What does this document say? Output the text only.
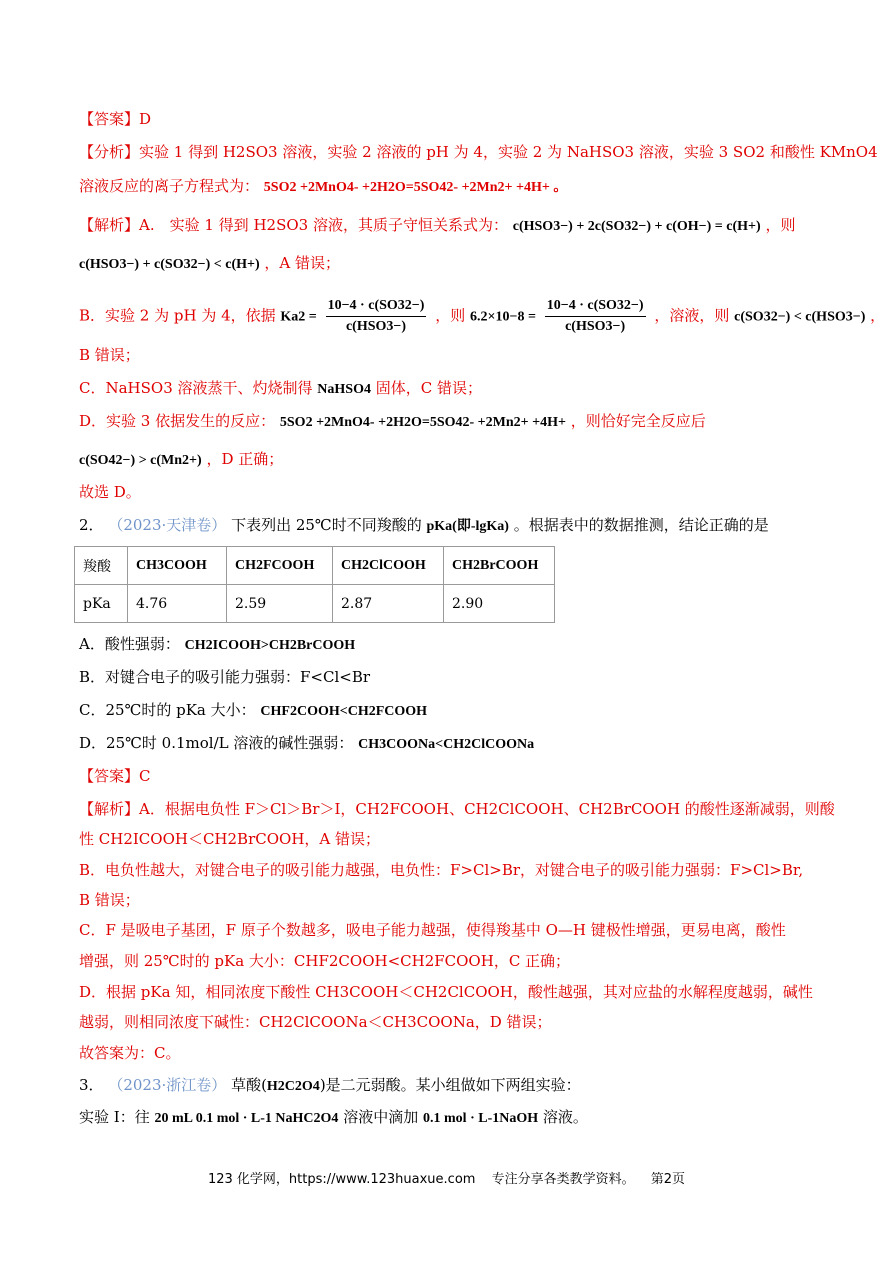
【答案】D
【分析】实验 1 得到 H2SO3 溶液，实验 2 溶液的 pH 为 4，实验 2 为 NaHSO3 溶液，实验 3 SO2 和酸性 KMnO4
溶液反应的离子方程式为： 5SO2 +2MnO4- +2H2O=5SO42- +2Mn2+ +4H+ 。
【解析】A.　实验 1 得到 H2SO3 溶液，其质子守恒关系式为： c(HSO3−) + 2c(SO32−) + c(OH−) = c(H+) ，则
c(HSO3−) + c(SO32−) < c(H+) ，A 错误；
B．实验 2 为 pH 为 4，依据 $Ka2 = \frac{10-4 \cdot c(SO32-)}{\text{c(HSO3−)}}$ ，则 $6.2\times 10-8 = \frac{10-4 \cdot c(SO32-)}{\text{c(HSO3−)}}$ ，溶液，则 c(SO32−) < c(HSO3−) ，
B 错误；
C．NaHSO3 溶液蒸干、灼烧制得 NaHSO4 固体，C 错误；
D．实验 3 依据发生的反应： 5SO2 +2MnO4- +2H2O=5SO42- +2Mn2+ +4H+ ，则恰好完全反应后
c(SO42−) > c(Mn2+) ，D 正确；
故选 D。
2． （2023·天津卷） 下表列出 25℃时不同羧酸的 pKa(即-lgKa) 。根据表中的数据推测，结论正确的是
羧酸	CH3COOH	CH2FCOOH	CH2ClCOOH	CH2BrCOOH
pKa	4.76	2.59	2.87	2.90
A．酸性强弱： CH2ICOOH>CH2BrCOOH
B．对键合电子的吸引能力强弱：F<Cl<Br
C．25℃时的 pKa 大小： CHF2COOH<CH2FCOOH
D．25℃时 0.1mol/L 溶液的碱性强弱： CH3COONa<CH2ClCOONa
【答案】C
【解析】A．根据电负性 F＞Cl＞Br＞I，CH2FCOOH、CH2ClCOOH、CH2BrCOOH 的酸性逐渐减弱，则酸
性 CH2ICOOH＜CH2BrCOOH，A 错误；
B．电负性越大，对键合电子的吸引能力越强，电负性：F>Cl>Br，对键合电子的吸引能力强弱：F>Cl>Br,
B 错误；
C．F 是吸电子基团，F 原子个数越多，吸电子能力越强，使得羧基中 O—H 键极性增强，更易电离，酸性
增强，则 25℃时的 pKa 大小：CHF2COOH<CH2FCOOH，C 正确；
D．根据 pKa 知，相同浓度下酸性 CH3COOH＜CH2ClCOOH，酸性越强，其对应盐的水解程度越弱，碱性
越弱，则相同浓度下碱性：CH2ClCOONa＜CH3COONa，D 错误；
故答案为：C。
3． （2023·浙江卷） 草酸(H2C2O4)是二元弱酸。某小组做如下两组实验：
实验 I：往 20 mL 0.1 mol · L-1 NaHC2O4 溶液中滴加 0.1 mol · L-1NaOH 溶液。
123 化学网，https://www.123huaxue.com 专注分享各类教学资料。 第2页
